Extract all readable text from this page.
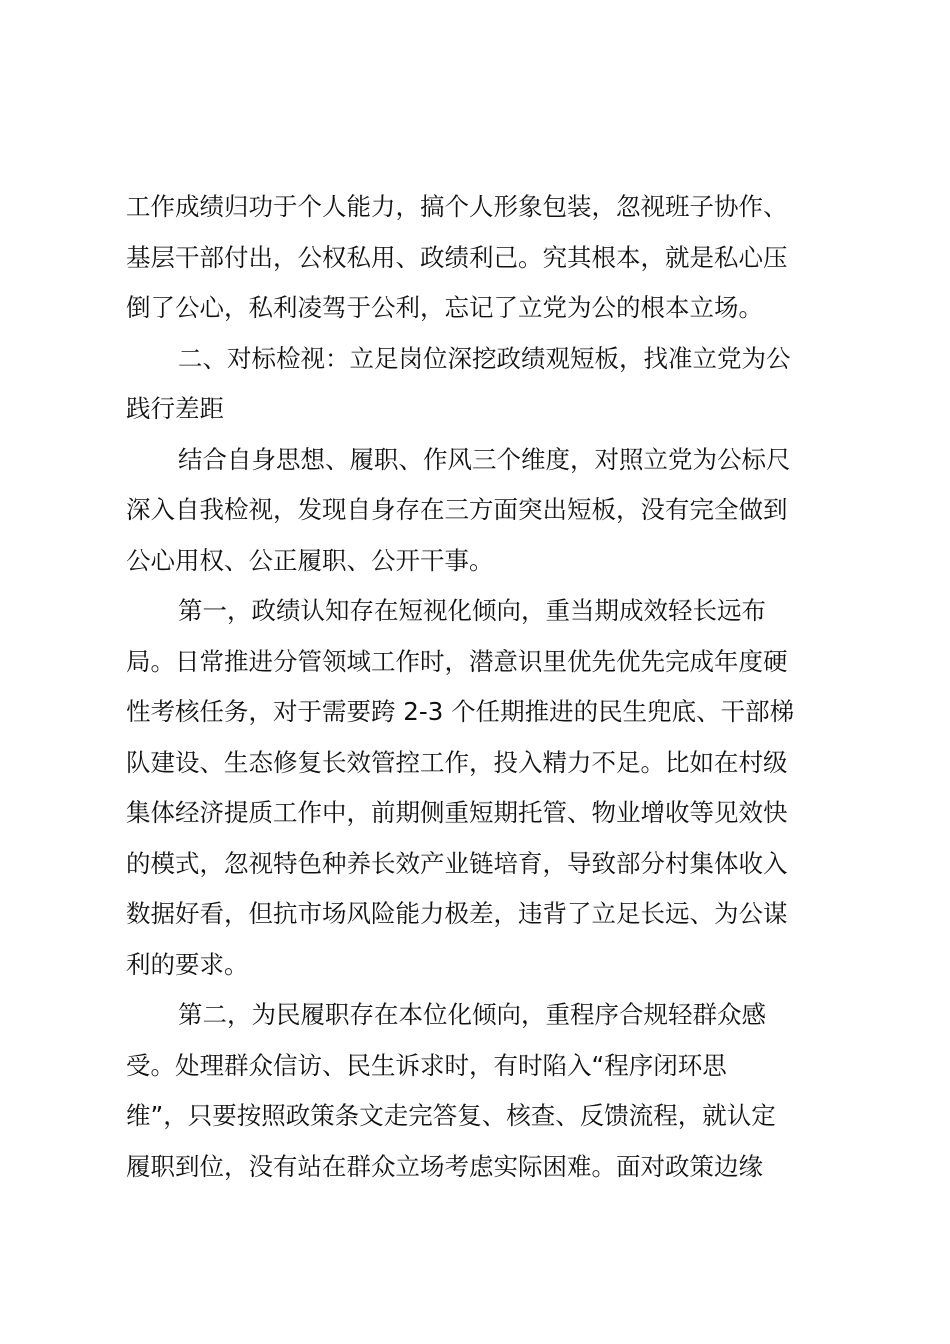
工作成绩归功于个人能力，搞个人形象包装，忽视班子协作、
基层干部付出，公权私用、政绩利己。究其根本，就是私心压
倒了公心，私利凌驾于公利，忘记了立党为公的根本立场。
二、对标检视：立足岗位深挖政绩观短板，找准立党为公
践行差距
结合自身思想、履职、作风三个维度，对照立党为公标尺
深入自我检视，发现自身存在三方面突出短板，没有完全做到
公心用权、公正履职、公开干事。
第一，政绩认知存在短视化倾向，重当期成效轻长远布
局。日常推进分管领域工作时，潜意识里优先优先完成年度硬
性考核任务，对于需要跨 2-3 个任期推进的民生兜底、干部梯
队建设、生态修复长效管控工作，投入精力不足。比如在村级
集体经济提质工作中，前期侧重短期托管、物业增收等见效快
的模式，忽视特色种养长效产业链培育，导致部分村集体收入
数据好看，但抗市场风险能力极差，违背了立足长远、为公谋
利的要求。
第二，为民履职存在本位化倾向，重程序合规轻群众感
受。处理群众信访、民生诉求时，有时陷入“程序闭环思
维”，只要按照政策条文走完答复、核查、反馈流程，就认定
履职到位，没有站在群众立场考虑实际困难。面对政策边缘
